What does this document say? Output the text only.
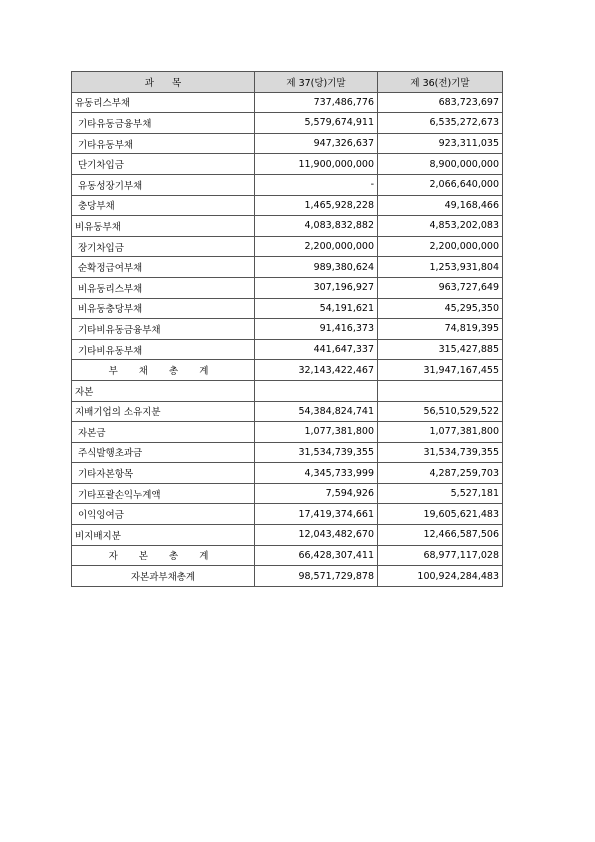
과      목	제 37(당)기말	제 36(전)기말
유동리스부채	737,486,776	683,723,697
기타유동금융부채	5,579,674,911	6,535,272,673
기타유동부채	947,326,637	923,311,035
단기차입금	11,900,000,000	8,900,000,000
유동성장기부채	-	2,066,640,000
충당부채	1,465,928,228	49,168,466
비유동부채	4,083,832,882	4,853,202,083
장기차입금	2,200,000,000	2,200,000,000
순확정급여부채	989,380,624	1,253,931,804
비유동리스부채	307,196,927	963,727,649
비유동충당부채	54,191,621	45,295,350
기타비유동금융부채	91,416,373	74,819,395
기타비유동부채	441,647,337	315,427,885
부 채 총 계	32,143,422,467	31,947,167,455
자본		
지배기업의 소유지분	54,384,824,741	56,510,529,522
자본금	1,077,381,800	1,077,381,800
주식발행초과금	31,534,739,355	31,534,739,355
기타자본항목	4,345,733,999	4,287,259,703
기타포괄손익누계액	7,594,926	5,527,181
이익잉여금	17,419,374,661	19,605,621,483
비지배지분	12,043,482,670	12,466,587,506
자 본 총 계	66,428,307,411	68,977,117,028
자본과부채총계	98,571,729,878	100,924,284,483
